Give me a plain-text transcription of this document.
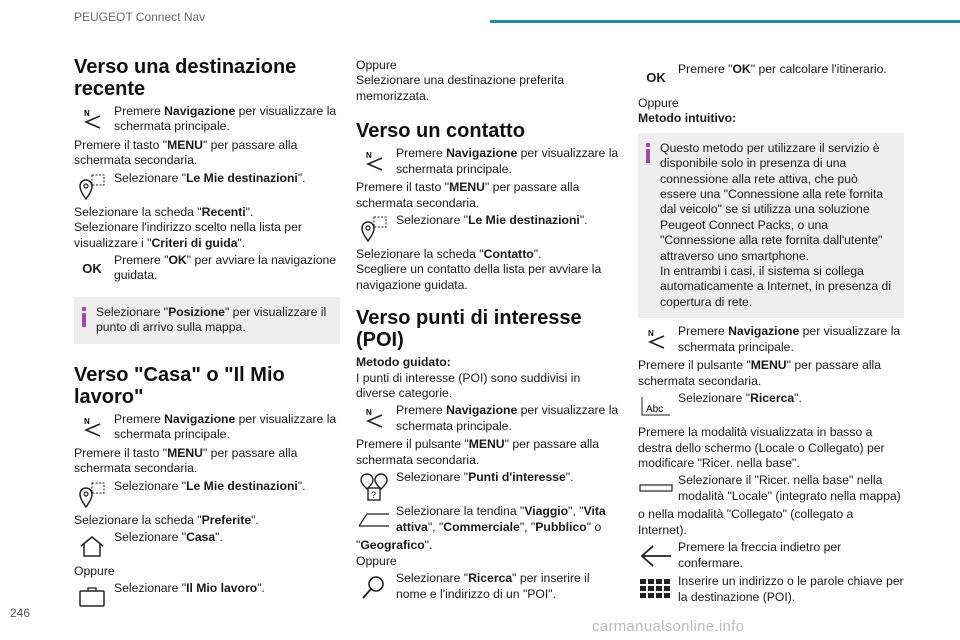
PEUGEOT Connect Nav
Verso una destinazione recente
N Premere Navigazione per visualizzare la schermata principale.

Premere il tasto "MENU" per passare alla schermata secondaria.

Selezionare "Le Mie destinazioni".

Selezionare la scheda "Recenti".

Selezionare l'indirizzo scelto nella lista per visualizzare i "Criteri di guida".

OK
Premere "OK" per avviare la navigazione guidata.
Selezionare "Posizione" per visualizzare il punto di arrivo sulla mappa.
Verso "Casa" o "Il Mio lavoro"
N Premere Navigazione per visualizzare la schermata principale.

Premere il tasto "MENU" per passare alla schermata secondaria.

Selezionare "Le Mie destinazioni".

Selezionare la scheda "Preferite".

Selezionare "Casa".

Oppure

Selezionare "Il Mio lavoro".

Oppure

Selezionare una destinazione preferita memorizzata.

Verso un contatto
N Premere Navigazione per visualizzare la schermata principale.

Premere il tasto "MENU" per passare alla schermata secondaria.

Selezionare "Le Mie destinazioni".

Selezionare la scheda "Contatto".

Scegliere un contatto della lista per avviare la navigazione guidata.

Verso punti di interesse (POI)

Metodo guidato:

I punti di interesse (POI) sono suddivisi in diverse categorie.

N Premere Navigazione per visualizzare la schermata principale.

Premere il pulsante "MENU" per passare alla schermata secondaria.

?
Selezionare "Punti d'interesse".
Selezionare la tendina "Viaggio", "Vita attiva", "Commerciale", "Pubblico" o

"Geografico".

Oppure

Selezionare "Ricerca" per inserire il nome e l'indirizzo di un "POI".
OK
Premere "OK" per calcolare l'itinerario.

Oppure

Metodo intuitivo:

Questo metodo per utilizzare il servizio è disponibile solo in presenza di una connessione alla rete attiva, che può essere una "Connessione alla rete fornita dal veicolo" se si utilizza una soluzione Peugeot Connect Packs, o una "Connessione alla rete fornita dall'utente" attraverso uno smartphone.

In entrambi i casi, il sistema si collega automaticamente a Internet, in presenza di copertura di rete.

N Premere Navigazione per visualizzare la schermata principale.

Premere il pulsante "MENU" per passare alla schermata secondaria.

Abc
Selezionare "Ricerca".

Premere la modalità visualizzata in basso a destra dello schermo (Locale o Collegato) per modificare "Ricer. nella base".

Selezionare il "Ricer. nella base" nella modalità "Locale" (integrato nella mappa)

o nella modalità "Collegato" (collegato a Internet).

Premere la freccia indietro per confermare.
Inserire un indirizzo o le parole chiave per la destinazione (POI).
246
carmanualsonline.info
